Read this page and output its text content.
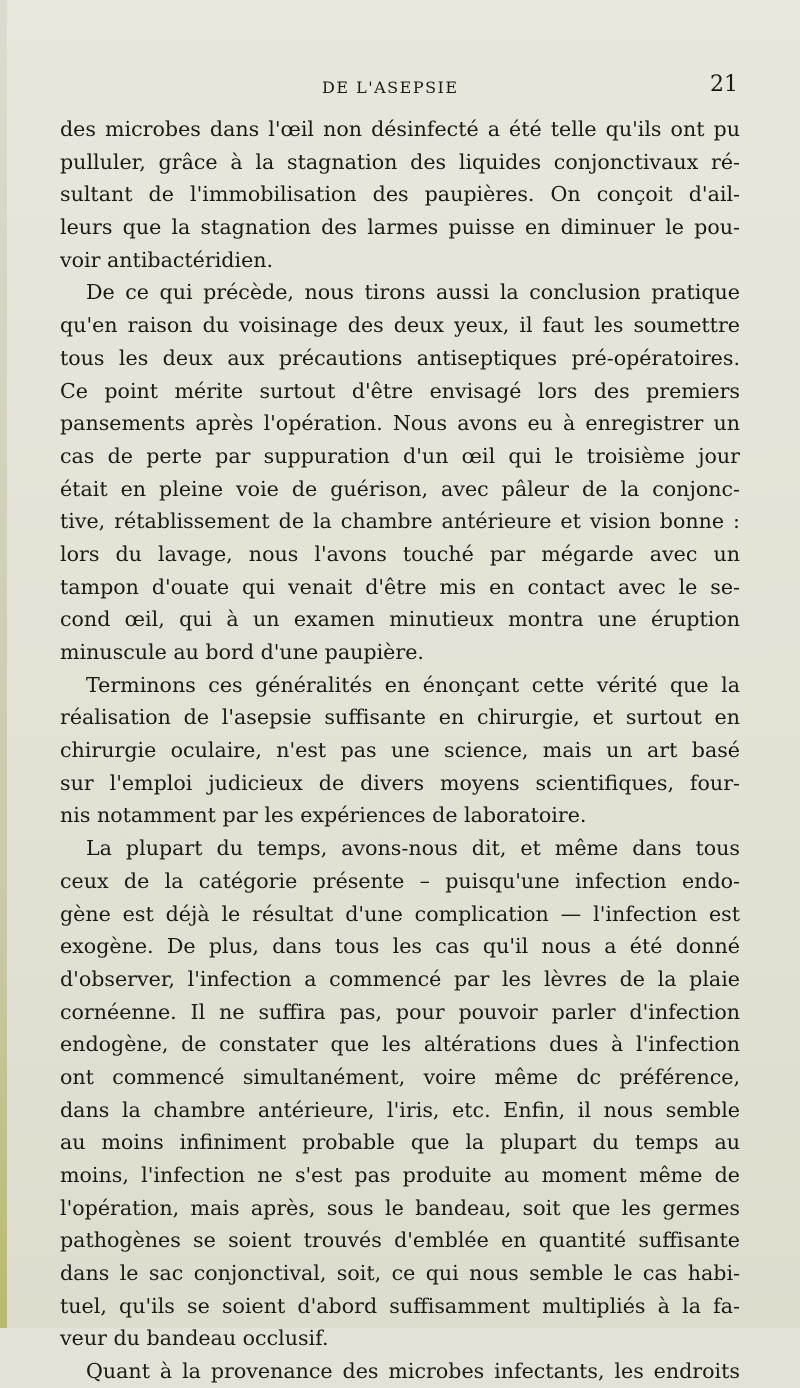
DE L'ASEPSIE	21
des microbes dans l'œil non désinfecté a été telle qu'ils ont pu
pulluler, grâce à la stagnation des liquides conjonctivaux ré-
sultant de l'immobilisation des paupières. On conçoit d'ail-
leurs que la stagnation des larmes puisse en diminuer le pou-
voir antibactéridien.
De ce qui précède, nous tirons aussi la conclusion pratique
qu'en raison du voisinage des deux yeux, il faut les soumettre
tous les deux aux précautions antiseptiques pré-opératoires.
Ce point mérite surtout d'être envisagé lors des premiers
pansements après l'opération. Nous avons eu à enregistrer un
cas de perte par suppuration d'un œil qui le troisième jour
était en pleine voie de guérison, avec pâleur de la conjonc-
tive, rétablissement de la chambre antérieure et vision bonne :
lors du lavage, nous l'avons touché par mégarde avec un
tampon d'ouate qui venait d'être mis en contact avec le se-
cond œil, qui à un examen minutieux montra une éruption
minuscule au bord d'une paupière.
Terminons ces généralités en énonçant cette vérité que la
réalisation de l'asepsie suffisante en chirurgie, et surtout en
chirurgie oculaire, n'est pas une science, mais un art basé
sur l'emploi judicieux de divers moyens scientifiques, four-
nis notamment par les expériences de laboratoire.
La plupart du temps, avons-nous dit, et même dans tous
ceux de la catégorie présente – puisqu'une infection endo-
gène est déjà le résultat d'une complication — l'infection est
exogène. De plus, dans tous les cas qu'il nous a été donné
d'observer, l'infection a commencé par les lèvres de la plaie
cornéenne. Il ne suffira pas, pour pouvoir parler d'infection
endogène, de constater que les altérations dues à l'infection
ont commencé simultanément, voire même dc préférence,
dans la chambre antérieure, l'iris, etc. Enfin, il nous semble
au moins infiniment probable que la plupart du temps au
moins, l'infection ne s'est pas produite au moment même de
l'opération, mais après, sous le bandeau, soit que les germes
pathogènes se soient trouvés d'emblée en quantité suffisante
dans le sac conjonctival, soit, ce qui nous semble le cas habi-
tuel, qu'ils se soient d'abord suffisamment multipliés à la fa-
veur du bandeau occlusif.
Quant à la provenance des microbes infectants, les endroits
